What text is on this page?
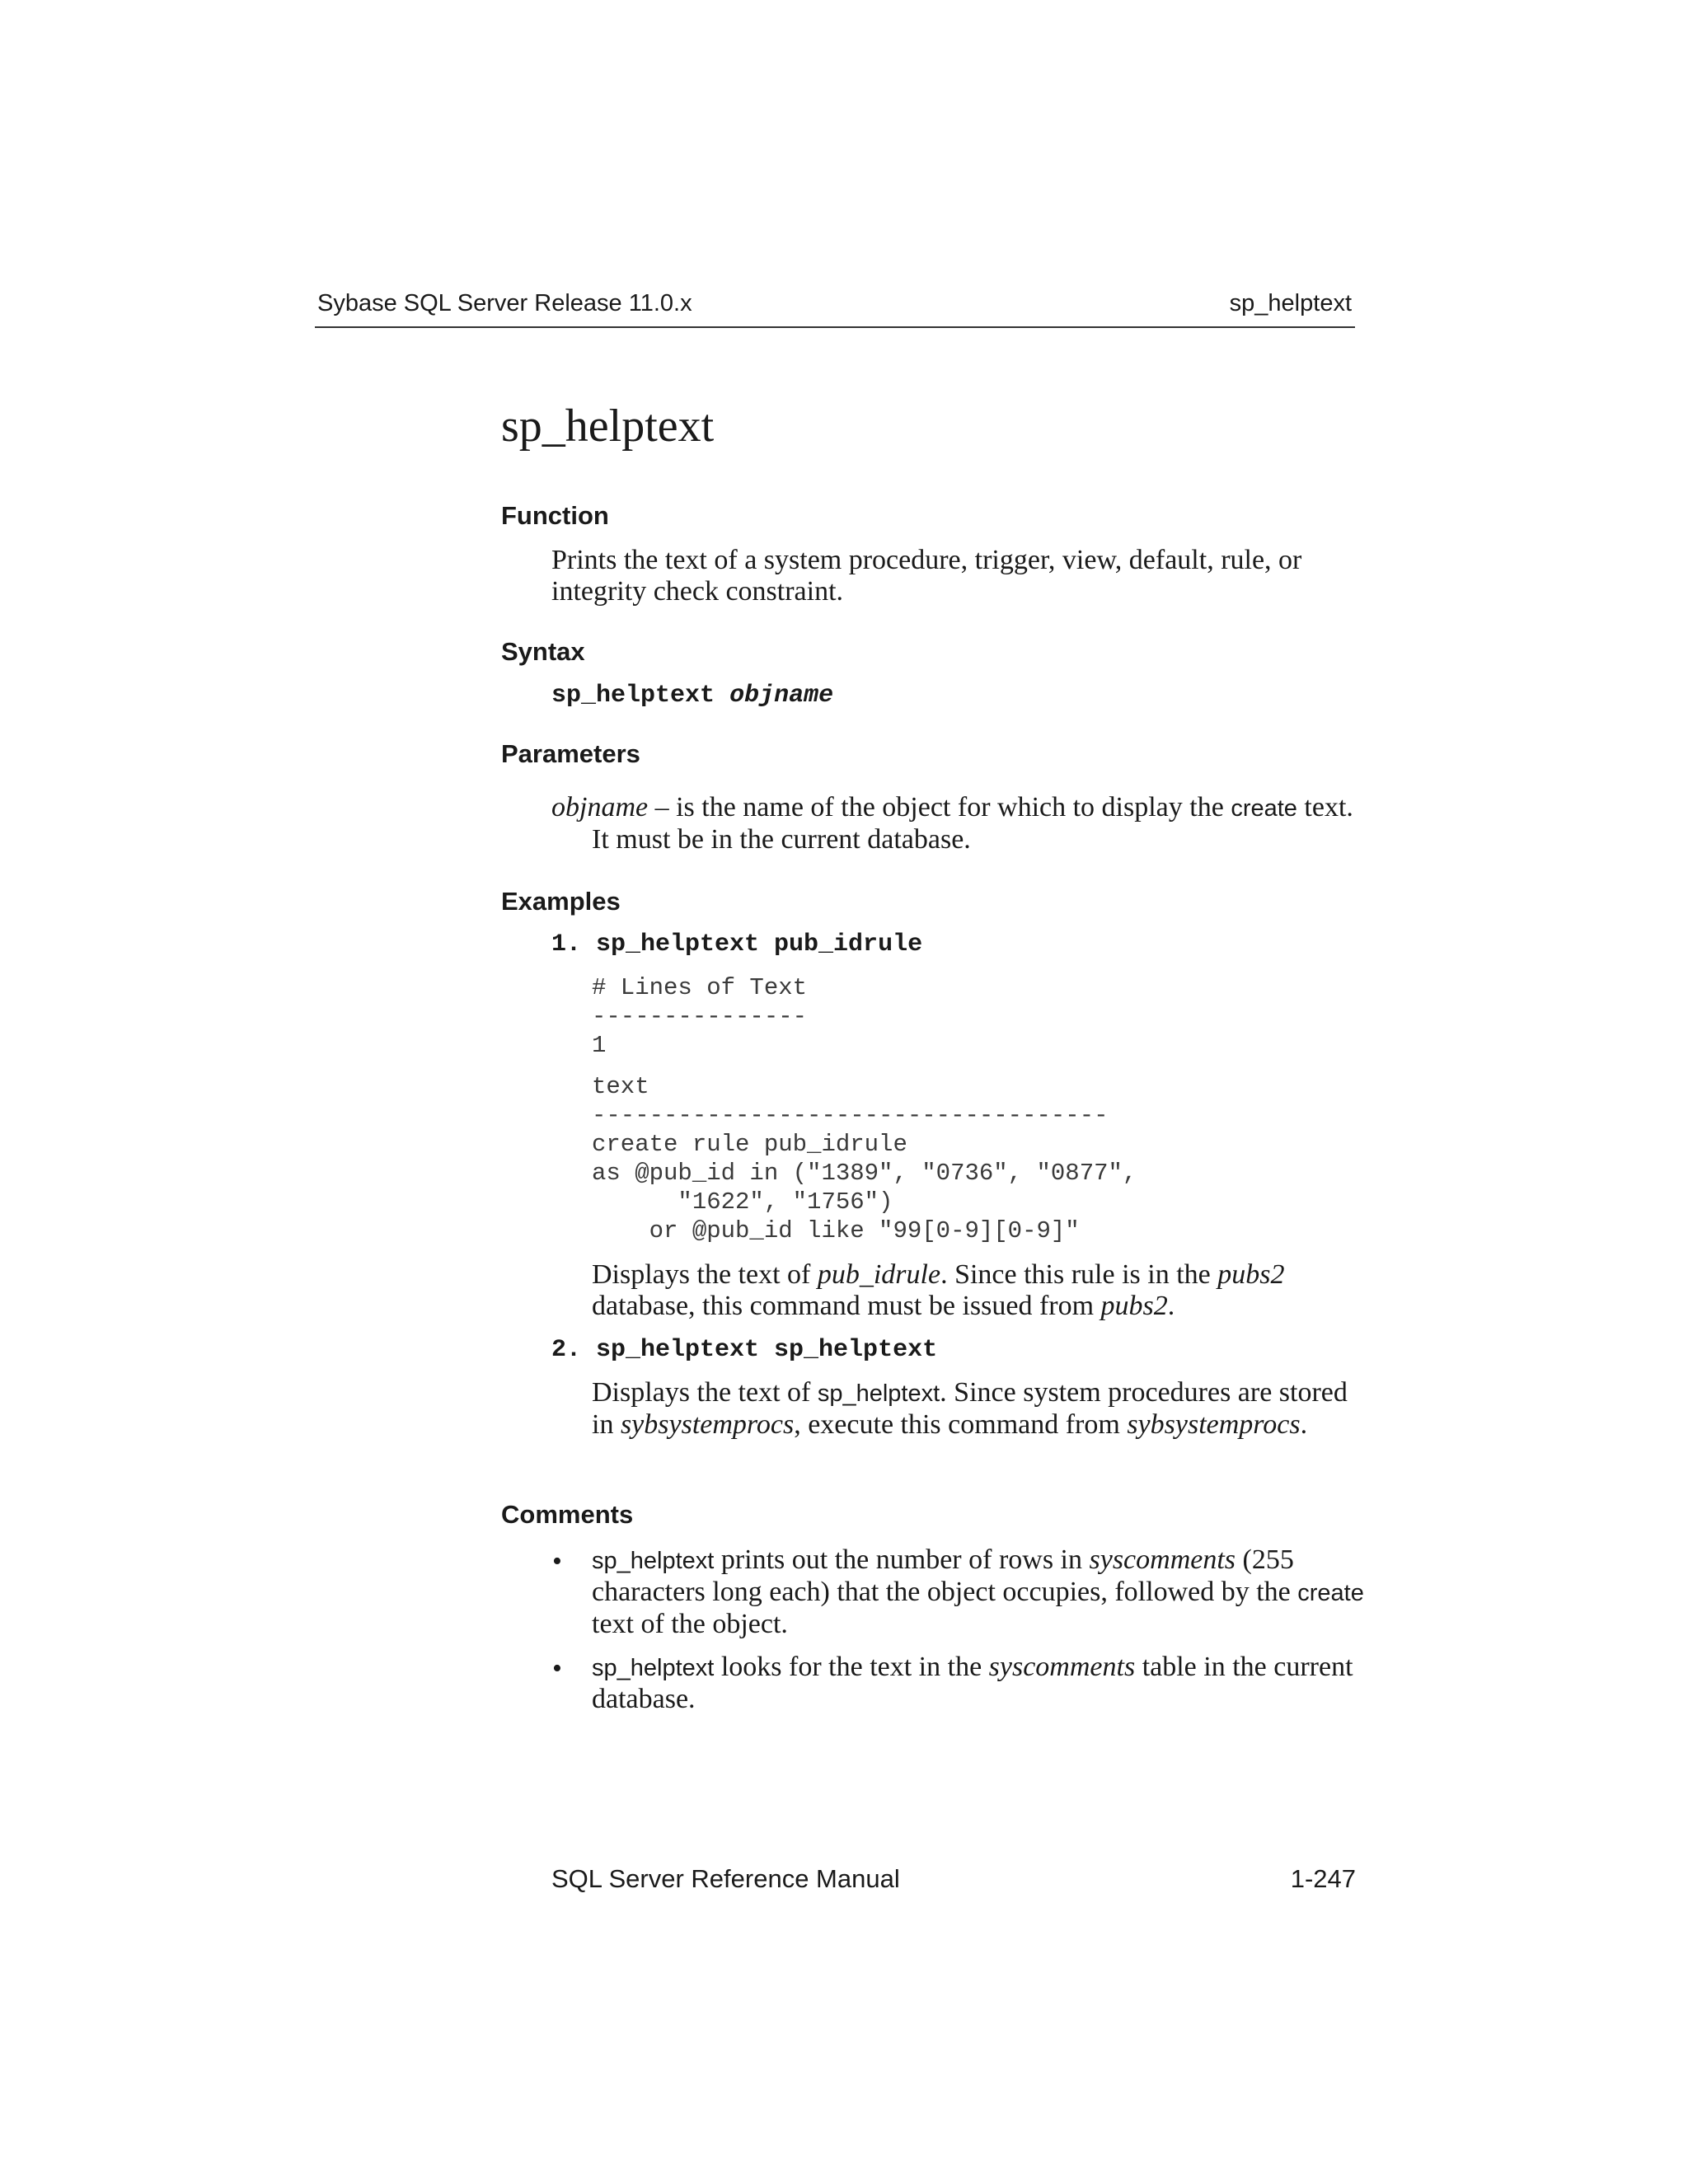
Sybase SQL Server Release 11.0.x	sp_helptext
sp_helptext
Function
Prints the text of a system procedure, trigger, view, default, rule, or integrity check constraint.
Syntax
sp_helptext objname
Parameters
objname – is the name of the object for which to display the create text.
It must be in the current database.
Examples
1. sp_helptext pub_idrule
# Lines of Text
---------------
1
text
------------------------------------
create rule pub_idrule
as @pub_id in ("1389", "0736", "0877",
"1622", "1756")
or @pub_id like "99[0-9][0-9]"
Displays the text of pub_idrule. Since this rule is in the pubs2 database, this command must be issued from pubs2.
2. sp_helptext sp_helptext
Displays the text of sp_helptext. Since system procedures are stored in sybsystemprocs, execute this command from sybsystemprocs.
Comments
• sp_helptext prints out the number of rows in syscomments (255 characters long each) that the object occupies, followed by the create text of the object.
• sp_helptext looks for the text in the syscomments table in the current database.
SQL Server Reference Manual	1-247
